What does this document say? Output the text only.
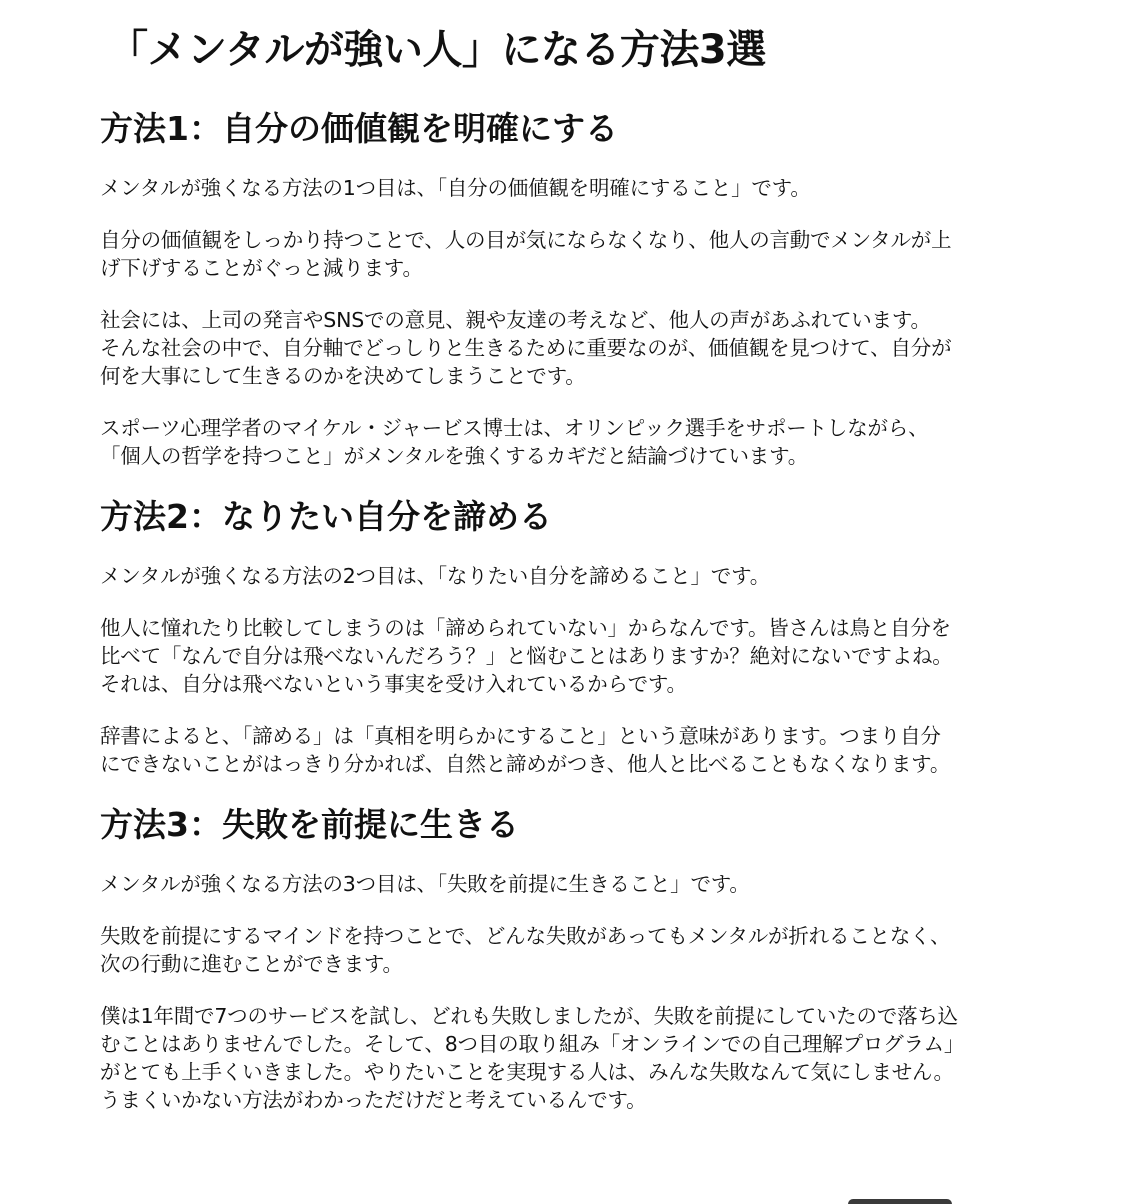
「メンタルが強い人」になる方法3選
方法1：自分の価値観を明確にする

メンタルが強くなる方法の1つ目は、「自分の価値観を明確にすること」です。

自分の価値観をしっかり持つことで、人の目が気にならなくなり、他人の言動でメンタルが上
げ下げすることがぐっと減ります。

社会には、上司の発言やSNSでの意見、親や友達の考えなど、他人の声があふれています。
そんな社会の中で、自分軸でどっしりと生きるために重要なのが、価値観を見つけて、自分が
何を大事にして生きるのかを決めてしまうことです。

スポーツ心理学者のマイケル・ジャービス博士は、オリンピック選手をサポートしながら、
「個人の哲学を持つこと」がメンタルを強くするカギだと結論づけています。

方法2：なりたい自分を諦める

メンタルが強くなる方法の2つ目は、「なりたい自分を諦めること」です。

他人に憧れたり比較してしまうのは「諦められていない」からなんです。皆さんは鳥と自分を
比べて「なんで自分は飛べないんだろう？」と悩むことはありますか？絶対にないですよね。
それは、自分は飛べないという事実を受け入れているからです。

辞書によると、「諦める」は「真相を明らかにすること」という意味があります。つまり自分
にできないことがはっきり分かれば、自然と諦めがつき、他人と比べることもなくなります。

方法3：失敗を前提に生きる

メンタルが強くなる方法の3つ目は、「失敗を前提に生きること」です。

失敗を前提にするマインドを持つことで、どんな失敗があってもメンタルが折れることなく、
次の行動に進むことができます。

僕は1年間で7つのサービスを試し、どれも失敗しましたが、失敗を前提にしていたので落ち込
むことはありませんでした。そして、8つ目の取り組み「オンラインでの自己理解プログラム」
がとても上手くいきました。やりたいことを実現する人は、みんな失敗なんて気にしません。
うまくいかない方法がわかっただけだと考えているんです。
